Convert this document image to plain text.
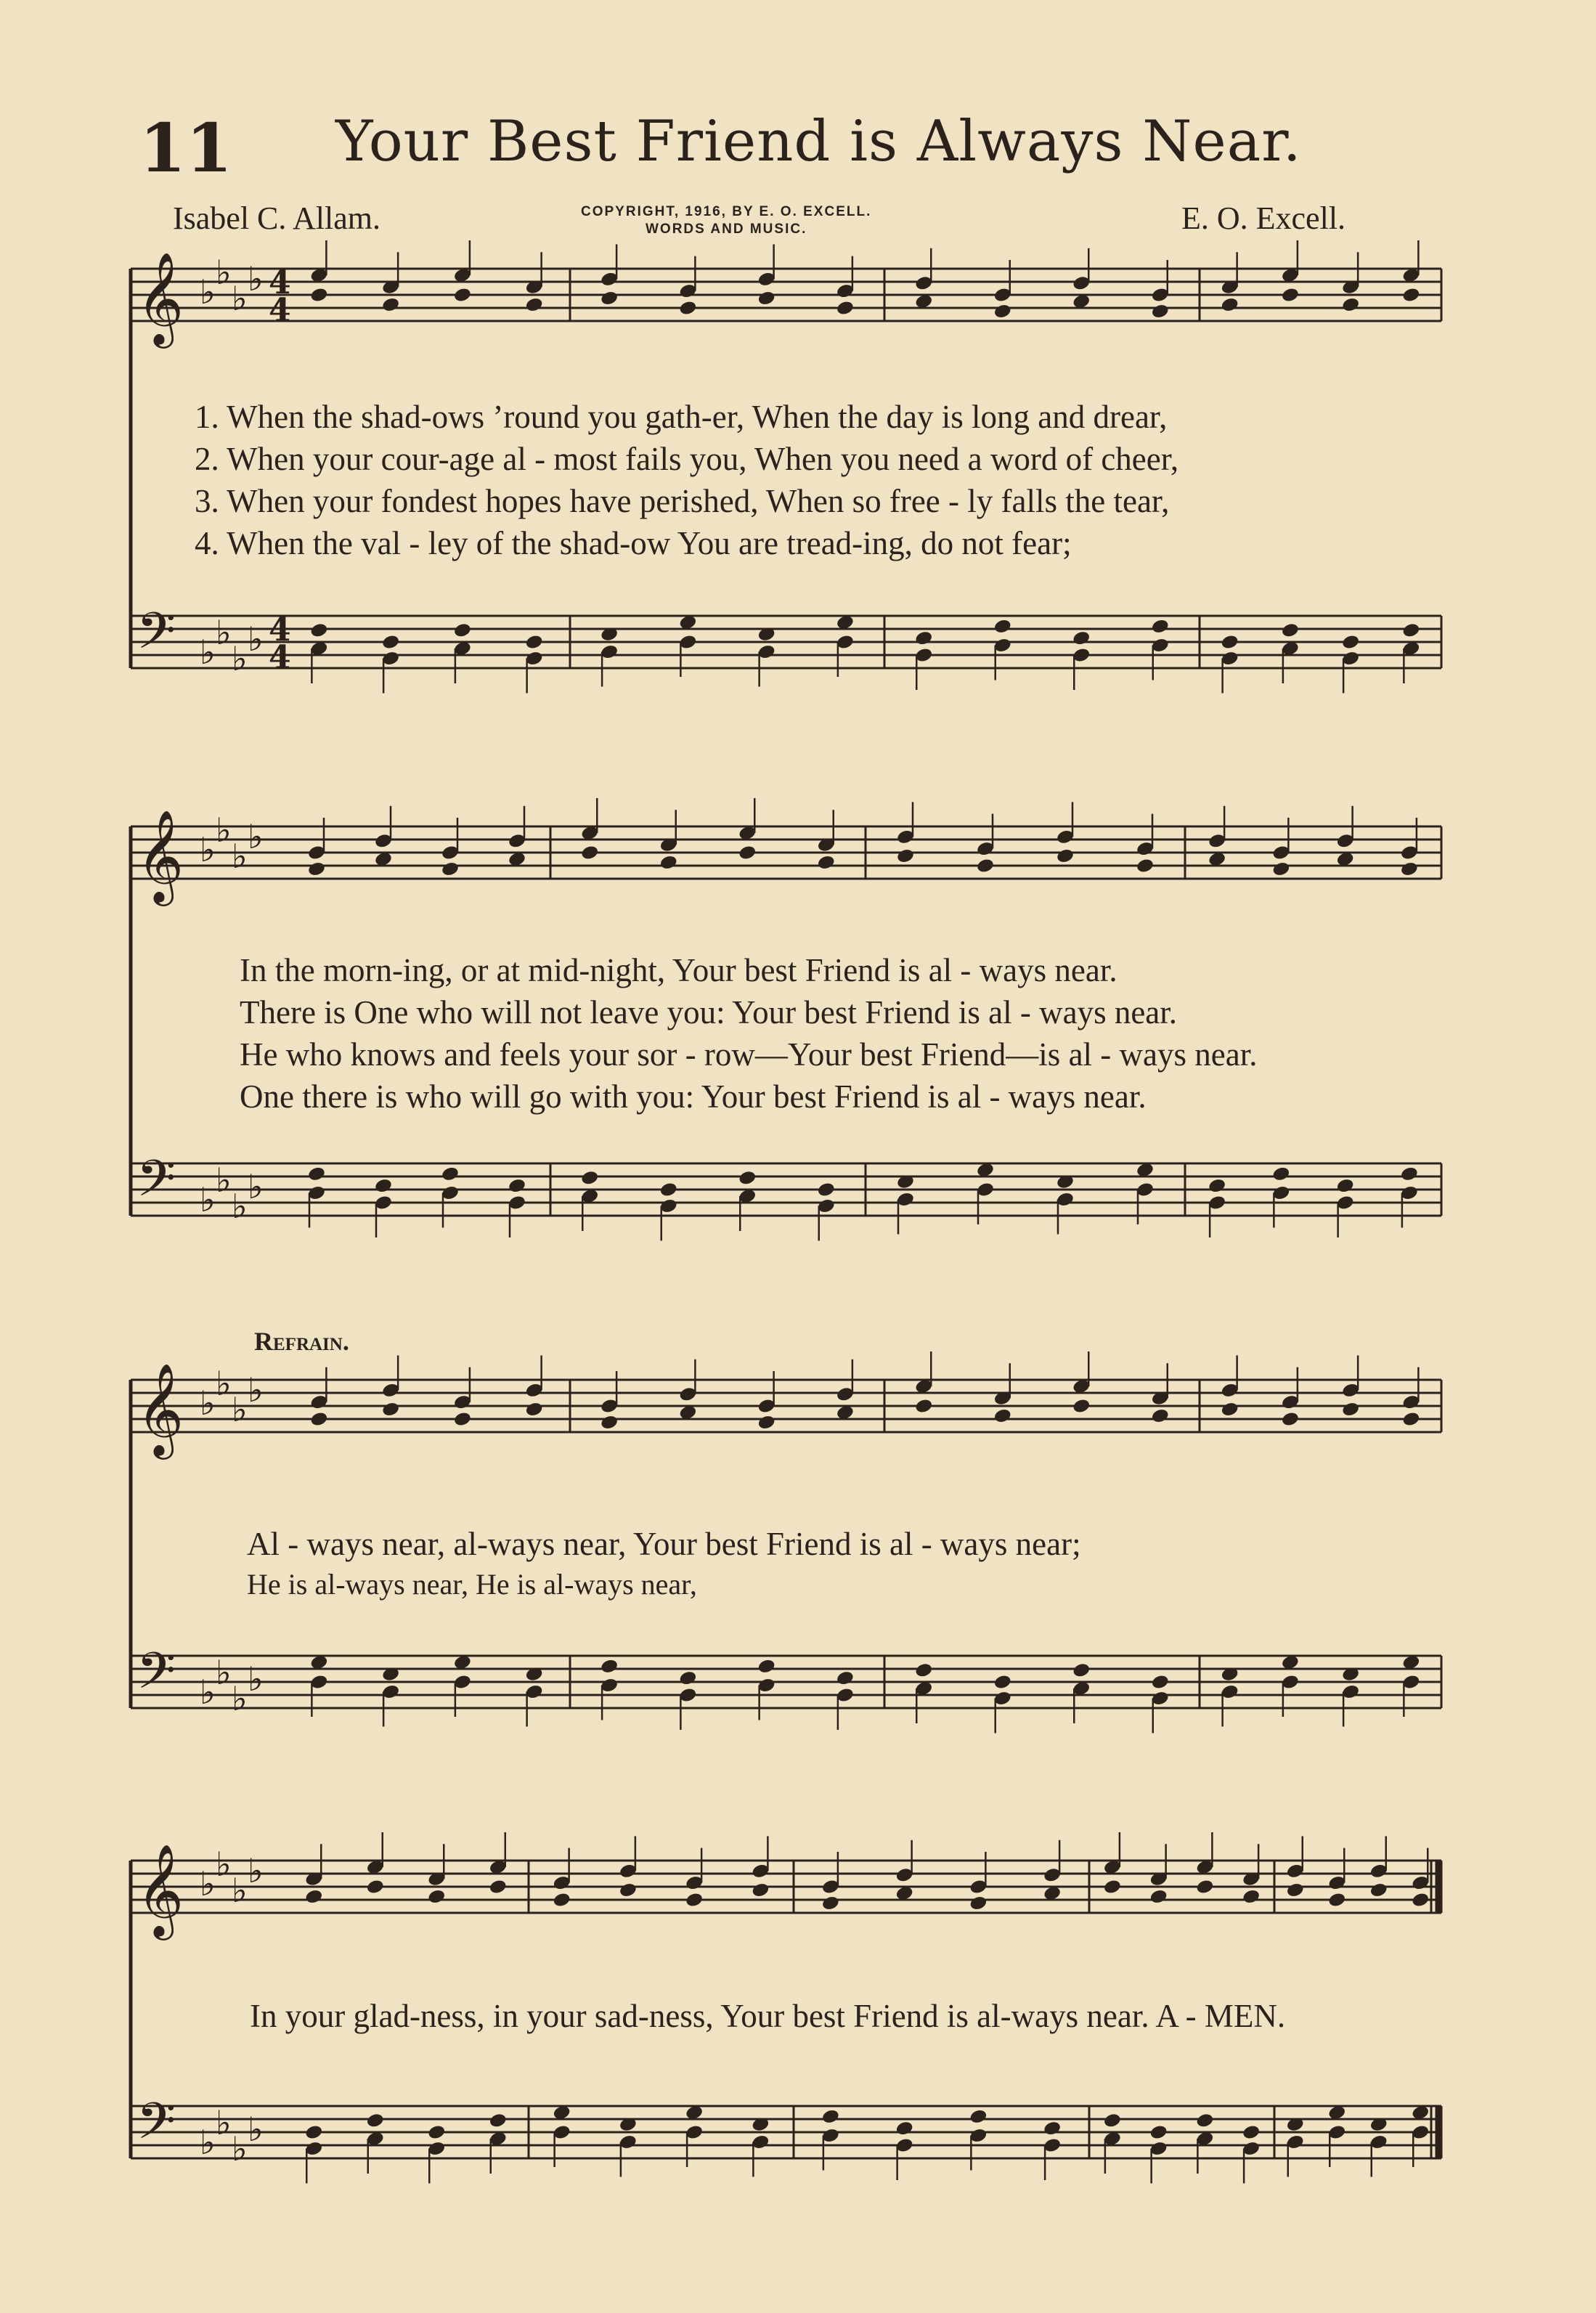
11 Your Best Friend is Always Near.
Isabel C. Allam.	COPYRIGHT, 1916, BY E. O. EXCELL.
WORDS AND MUSIC.	E. O. Excell.
𝄞 ♭ ♭
♭ ♭
𝄢 ♭ ♭
♭ ♭
4
4
4
4
𝄞 ♭ ♭
♭ ♭
𝄢 ♭ ♭
♭ ♭
𝄞 ♭ ♭
♭ ♭
𝄢 ♭ ♭
♭ ♭
𝄞 ♭ ♭
♭ ♭
𝄢 ♭ ♭
♭ ♭
1. When the shad-ows ’round you gath-er, When the day is long and drear,
2. When your cour-age al - most fails you, When you need a word of cheer,
3. When your fondest hopes have perished, When so free - ly falls the tear,
4. When the val - ley of the shad-ow You are tread-ing, do not fear;
In the morn-ing, or at mid-night, Your best Friend is al - ways near.
There is One who will not leave you: Your best Friend is al - ways near.
He who knows and feels your sor - row—Your best Friend—is al - ways near.
One there is who will go with you: Your best Friend is al - ways near.
Refrain.
Al - ways near, al-ways near, Your best Friend is al - ways near;
He is al-ways near, He is al-ways near,
In your glad-ness, in your sad-ness, Your best Friend is al-ways near. A - MEN.
